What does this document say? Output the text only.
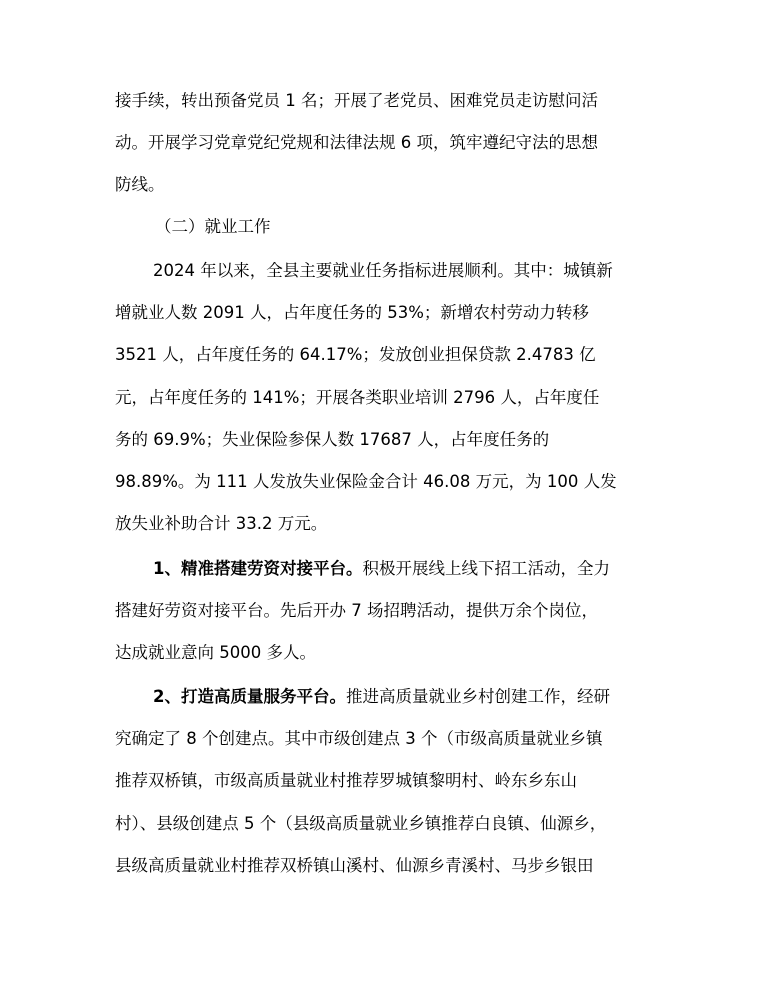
接手续，转出预备党员 1 名；开展了老党员、困难党员走访慰问活
动。开展学习党章党纪党规和法律法规 6 项，筑牢遵纪守法的思想
防线。
（二）就业工作
2024 年以来，全县主要就业任务指标进展顺利。其中：城镇新
增就业人数 2091 人，占年度任务的 53%；新增农村劳动力转移
3521 人，占年度任务的 64.17%；发放创业担保贷款 2.4783 亿
元，占年度任务的 141%；开展各类职业培训 2796 人，占年度任
务的 69.9%；失业保险参保人数 17687 人，占年度任务的
98.89%。为 111 人发放失业保险金合计 46.08 万元，为 100 人发
放失业补助合计 33.2 万元。
1、精准搭建劳资对接平台。积极开展线上线下招工活动，全力
搭建好劳资对接平台。先后开办 7 场招聘活动，提供万余个岗位，
达成就业意向 5000 多人。
2、打造高质量服务平台。推进高质量就业乡村创建工作，经研
究确定了 8 个创建点。其中市级创建点 3 个（市级高质量就业乡镇
推荐双桥镇，市级高质量就业村推荐罗城镇黎明村、岭东乡东山
村）、县级创建点 5 个（县级高质量就业乡镇推荐白良镇、仙源乡，
县级高质量就业村推荐双桥镇山溪村、仙源乡青溪村、马步乡银田
